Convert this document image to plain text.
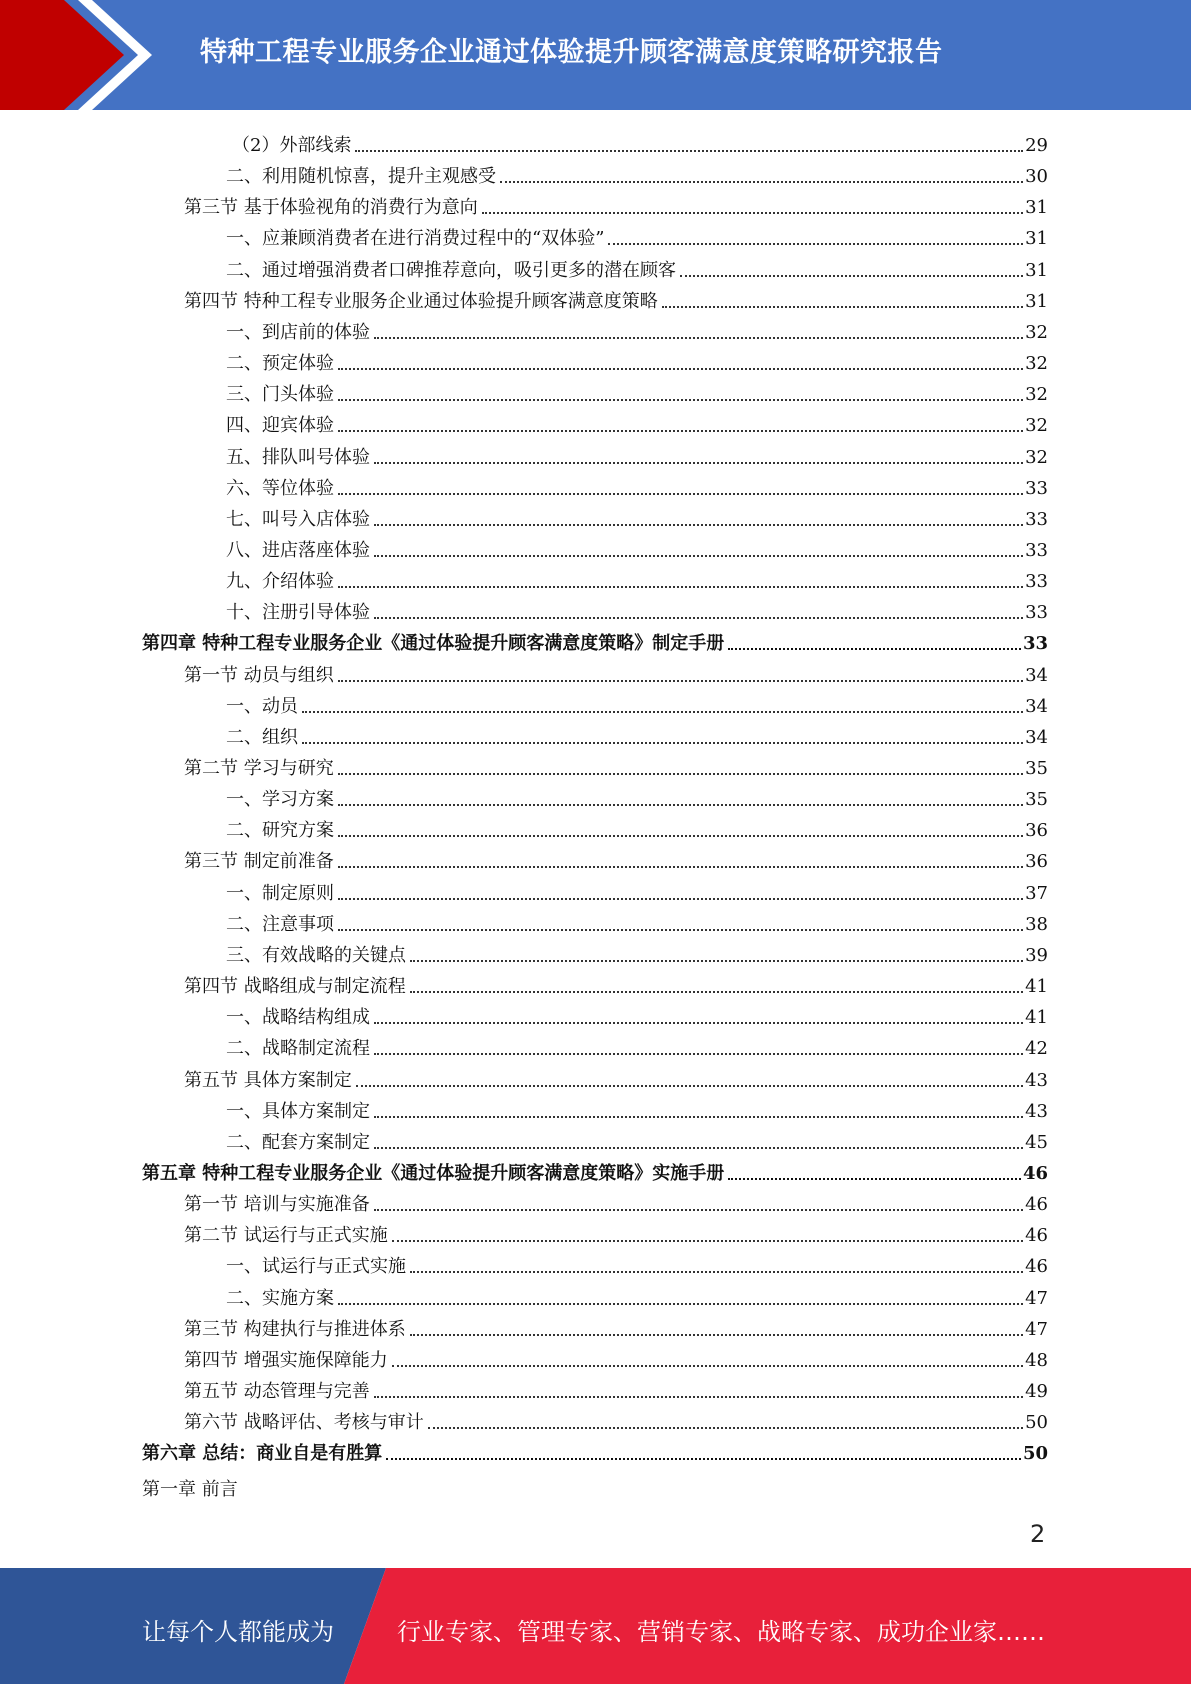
特种工程专业服务企业通过体验提升顾客满意度策略研究报告
（2）外部线索	29
二、利用随机惊喜，提升主观感受	30
第三节 基于体验视角的消费行为意向	31
一、应兼顾消费者在进行消费过程中的“双体验”	31
二、通过增强消费者口碑推荐意向，吸引更多的潜在顾客	31
第四节 特种工程专业服务企业通过体验提升顾客满意度策略	31
一、到店前的体验	32
二、预定体验	32
三、门头体验	32
四、迎宾体验	32
五、排队叫号体验	32
六、等位体验	33
七、叫号入店体验	33
八、进店落座体验	33
九、介绍体验	33
十、注册引导体验	33
第四章 特种工程专业服务企业《通过体验提升顾客满意度策略》制定手册	33
第一节 动员与组织	34
一、动员	34
二、组织	34
第二节 学习与研究	35
一、学习方案	35
二、研究方案	36
第三节 制定前准备	36
一、制定原则	37
二、注意事项	38
三、有效战略的关键点	39
第四节 战略组成与制定流程	41
一、战略结构组成	41
二、战略制定流程	42
第五节 具体方案制定	43
一、具体方案制定	43
二、配套方案制定	45
第五章 特种工程专业服务企业《通过体验提升顾客满意度策略》实施手册	46
第一节 培训与实施准备	46
第二节 试运行与正式实施	46
一、试运行与正式实施	46
二、实施方案	47
第三节 构建执行与推进体系	47
第四节 增强实施保障能力	48
第五节 动态管理与完善	49
第六节 战略评估、考核与审计	50
第六章 总结：商业自是有胜算	50
第一章 前言
2
让每个人都能成为	行业专家、管理专家、营销专家、战略专家、成功企业家……
